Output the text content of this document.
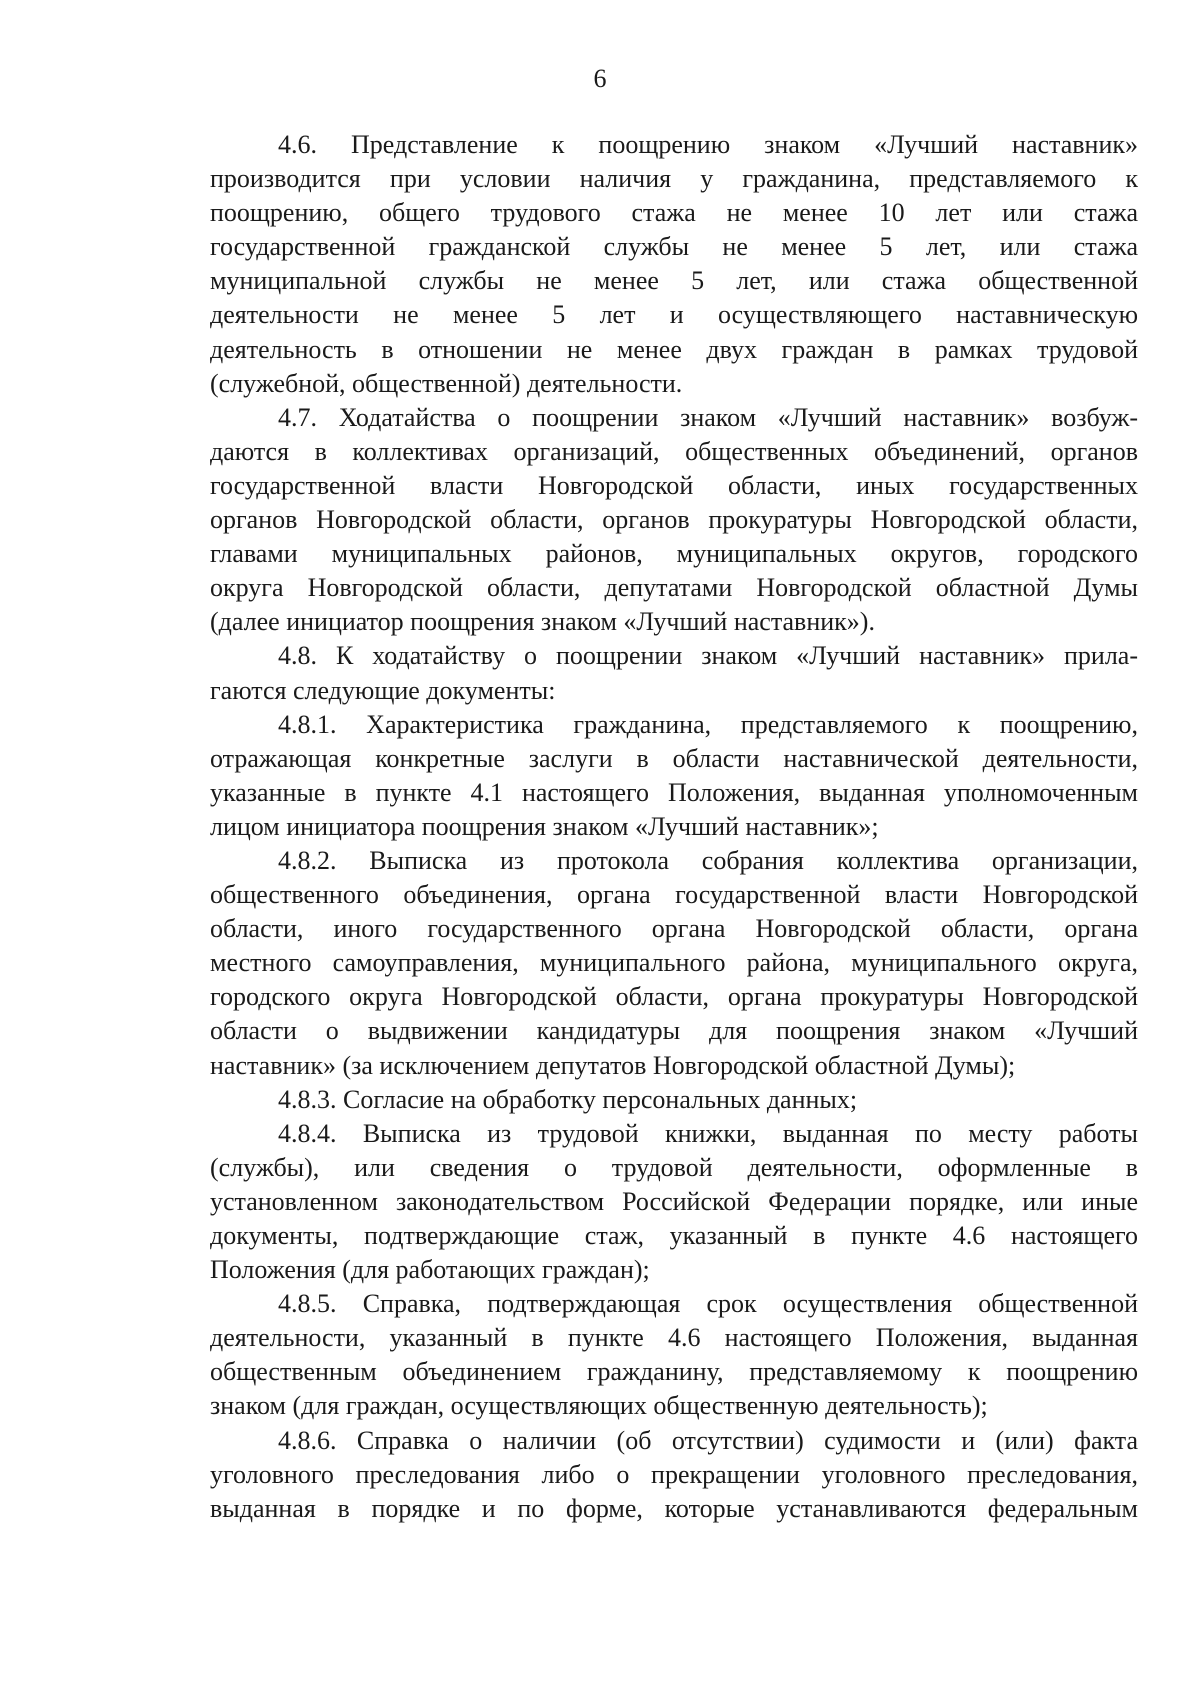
6
4.6. Представление к поощрению знаком «Лучший наставник»
производится при условии наличия у гражданина, представляемого к
поощрению, общего трудового стажа не менее 10 лет или стажа
государственной гражданской службы не менее 5 лет, или стажа
муниципальной службы не менее 5 лет, или стажа общественной
деятельности не менее 5 лет и осуществляющего наставническую
деятельность в отношении не менее двух граждан в рамках трудовой
(служебной, общественной) деятельности.
4.7. Ходатайства о поощрении знаком «Лучший наставник» возбуж-
даются в коллективах организаций, общественных объединений, органов
государственной власти Новгородской области, иных государственных
органов Новгородской области, органов прокуратуры Новгородской области,
главами муниципальных районов, муниципальных округов, городского
округа Новгородской области, депутатами Новгородской областной Думы
(далее инициатор поощрения знаком «Лучший наставник»).
4.8. К ходатайству о поощрении знаком «Лучший наставник» прила-
гаются следующие документы:
4.8.1. Характеристика гражданина, представляемого к поощрению,
отражающая конкретные заслуги в области наставнической деятельности,
указанные в пункте 4.1 настоящего Положения, выданная уполномоченным
лицом инициатора поощрения знаком «Лучший наставник»;
4.8.2. Выписка из протокола собрания коллектива организации,
общественного объединения, органа государственной власти Новгородской
области, иного государственного органа Новгородской области, органа
местного самоуправления, муниципального района, муниципального округа,
городского округа Новгородской области, органа прокуратуры Новгородской
области о выдвижении кандидатуры для поощрения знаком «Лучший
наставник» (за исключением депутатов Новгородской областной Думы);
4.8.3. Согласие на обработку персональных данных;
4.8.4. Выписка из трудовой книжки, выданная по месту работы
(службы), или сведения о трудовой деятельности, оформленные в
установленном законодательством Российской Федерации порядке, или иные
документы, подтверждающие стаж, указанный в пункте 4.6 настоящего
Положения (для работающих граждан);
4.8.5. Справка, подтверждающая срок осуществления общественной
деятельности, указанный в пункте 4.6 настоящего Положения, выданная
общественным объединением гражданину, представляемому к поощрению
знаком (для граждан, осуществляющих общественную деятельность);
4.8.6. Справка о наличии (об отсутствии) судимости и (или) факта
уголовного преследования либо о прекращении уголовного преследования,
выданная в порядке и по форме, которые устанавливаются федеральным
